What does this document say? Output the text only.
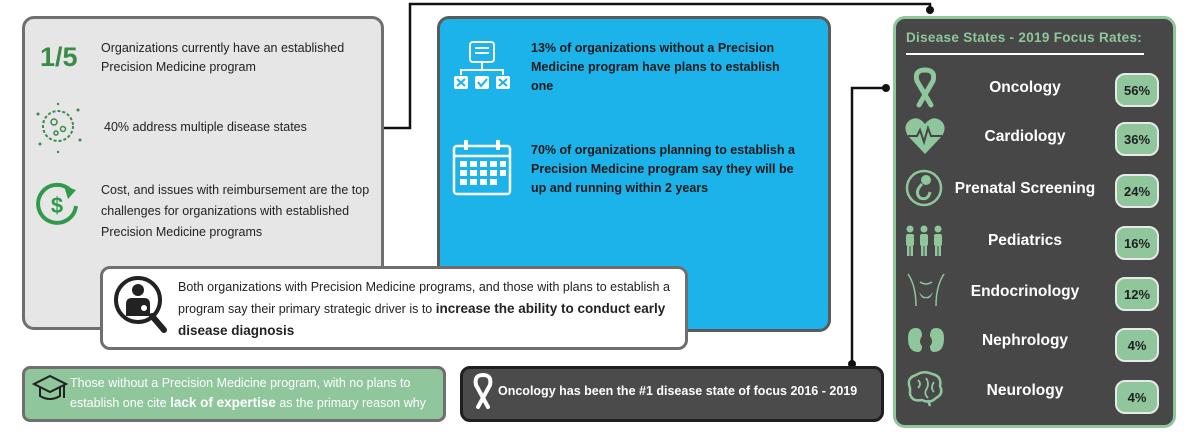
1/5 Organizations currently have an established Precision Medicine program
40% address multiple disease states
$
Cost, and issues with reimbursement are the top challenges for organizations with established Precision Medicine programs
13% of organizations without a Precision Medicine program have plans to establish one
70% of organizations planning to establish a Precision Medicine program say they will be up and running within 2 years
Both organizations with Precision Medicine programs, and those with plans to establish a program say their primary strategic driver is to increase the ability to conduct early disease diagnosis
Those without a Precision Medicine program, with no plans to establish one cite lack of expertise as the primary reason why
Oncology has been the #1 disease state of focus 2016 - 2019
Disease States - 2019 Focus Rates:
Oncology	56%
Cardiology	36%
Prenatal Screening	24%
Pediatrics	16%
Endocrinology	12%
Nephrology	4%
Neurology	4%
